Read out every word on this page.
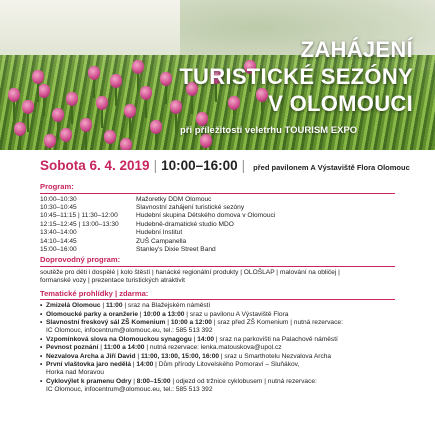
ZAHÁJENÍ
TURISTICKÉ SEZÓNY
V OLOMOUCI
při příležitosti veletrhu TOURISM EXPO
Sobota 6. 4. 2019 | 10:00–16:00 | před pavilonem A Výstaviště Flora Olomouc
Program:
10:00–10:30	Mažoretky DDM Olomouc
10:30–10:45	Slavnostní zahájení turistické sezóny
10:45–11:15 | 11:30–12:00	Hudební skupina Dětského domova v Olomouci
12:15–12:45 | 13:00–13:30	Hudebně-dramatické studio MDO
13:40–14:00	Hudební Institut
14:10–14:45	ZUŠ Campanella
15:00–16:00	Stanley's Dixie Street Band
Doprovodný program:
soutěže pro děti i dospělé | kolo štěstí | hanácké regionální produkty | OLOŠLAP | malování na obličej |
formanské vozy | prezentace turistických atraktivit
Tematické prohlídky | zdarma:
• Zmizelá Olomouc | 11:00 | sraz na Blažejském náměstí
• Olomoucké parky a oranžerie | 10:00 a 13:00 | sraz u pavilonu A Výstaviště Flora
• Slavnostní freskový sál ZŠ Komenium | 10:00 a 12:00 | sraz před ZŠ Komenium | nutná rezervace:
IC Olomouc, infocentrum@olomouc.eu, tel.: 585 513 392
• Vzpomínková slova na Olomouckou synagogu | 14:00 | sraz na parkovišti na Palachově náměstí
• Pevnost poznání | 11:00 a 14:00 | nutná rezervace: lenka.matouskova@upol.cz
• Nezvalova Archa a Jiří David | 11:00, 13:00, 15:00, 16:00 | sraz u Smarthotelu Nezvalova Archa
• První vlaštovka jaro nedělá | 14:00 | Dům přírody Litovelského Pomoraví – Sluňákov,
Horka nad Moravou
• Cyklovýlet k pramenu Odry | 8:00–15:00 | odjezd od tržnice cyklobusem | nutná rezervace:
IC Olomouc, infocentrum@olomouc.eu, tel.: 585 513 392
